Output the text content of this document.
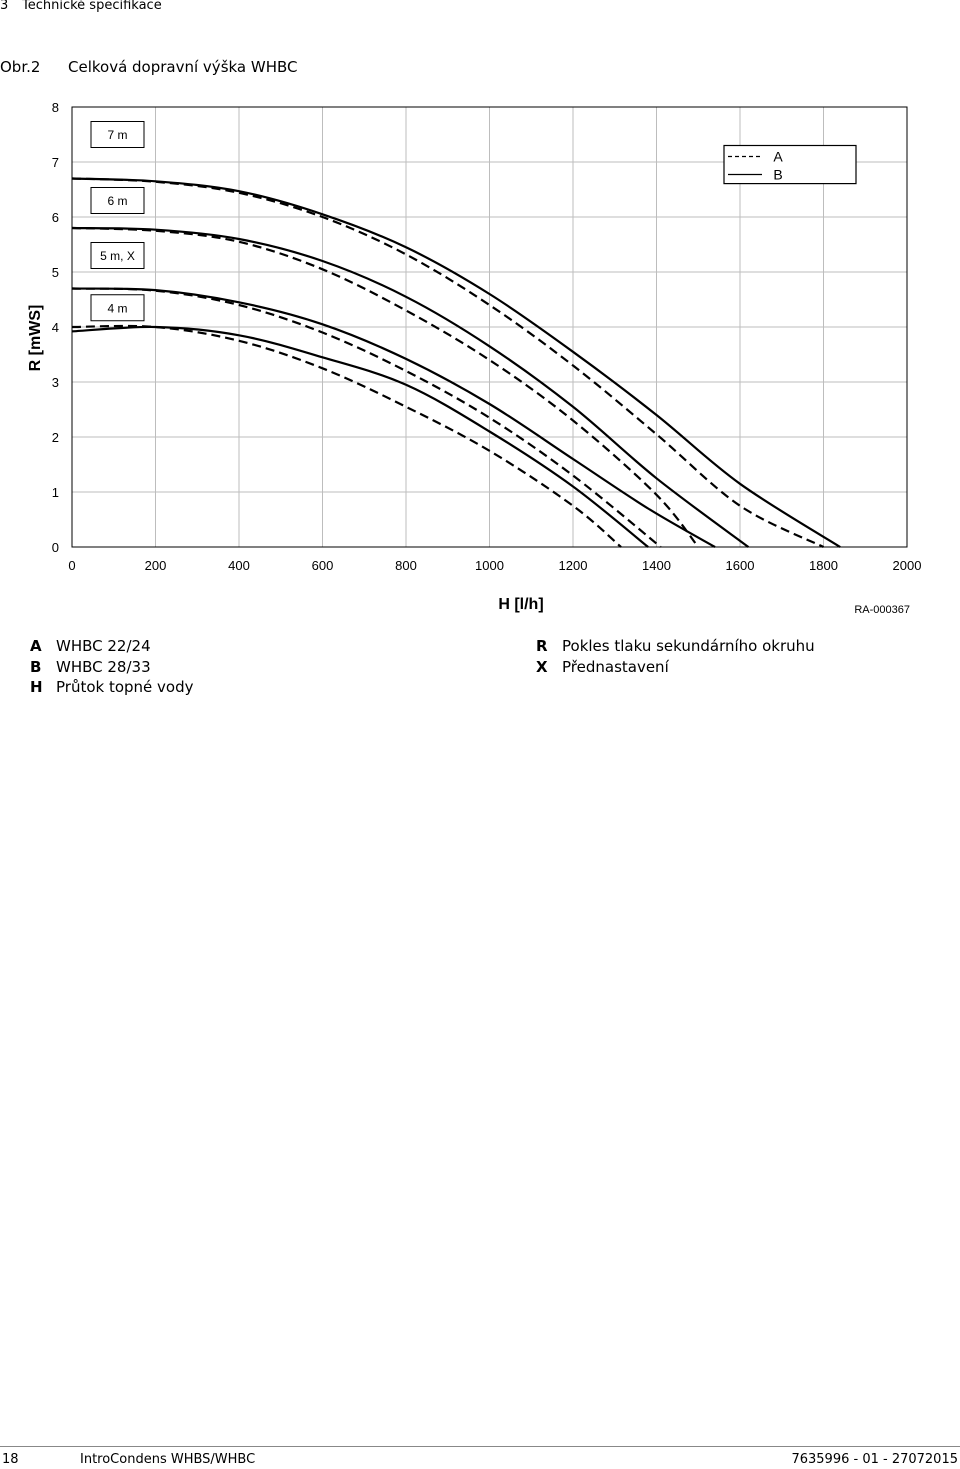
3 Technické specifikace
Obr.2 Celková dopravní výška WHBC
0	200	400	600	800	1000	1200	1400	1600	1800	2000
0
1
2
3
4
5
6
7
8
H [l/h]
R [mWS]
RA-000367
7 m
6 m
5 m, X
4 m
A
B
A WHBC 22/24
B WHBC 28/33
H Průtok topné vody
R Pokles tlaku sekundárního okruhu
X Přednastavení
18	IntroCondens WHBS/WHBC	7635996 - 01 - 27072015
